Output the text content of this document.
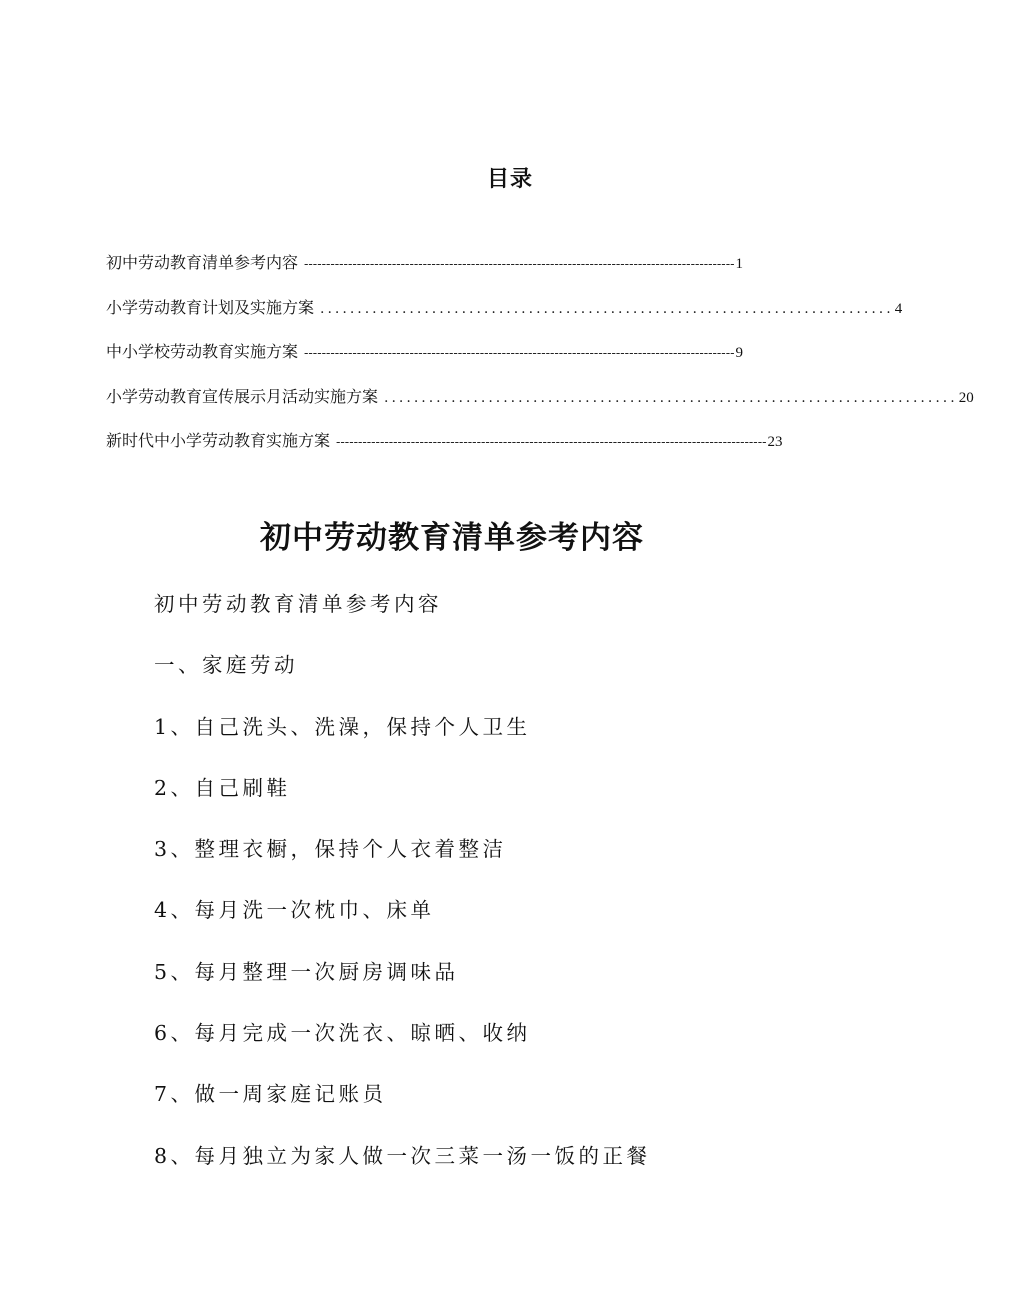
目录
初中劳动教育清单参考内容 -------------------------------------------------------------------------------------------------- 1
小学劳动教育计划及实施方案 ............................................................................. 4
中小学校劳动教育实施方案 -------------------------------------------------------------------------------------------------- 9
小学劳动教育宣传展示月活动实施方案 ............................................................................. 20
新时代中小学劳动教育实施方案 -------------------------------------------------------------------------------------------------- 23
初中劳动教育清单参考内容
初中劳动教育清单参考内容
一、家庭劳动
1、自己洗头、洗澡，保持个人卫生
2、自己刷鞋
3、整理衣橱，保持个人衣着整洁
4、每月洗一次枕巾、床单
5、每月整理一次厨房调味品
6、每月完成一次洗衣、晾晒、收纳
7、做一周家庭记账员
8、每月独立为家人做一次三菜一汤一饭的正餐
